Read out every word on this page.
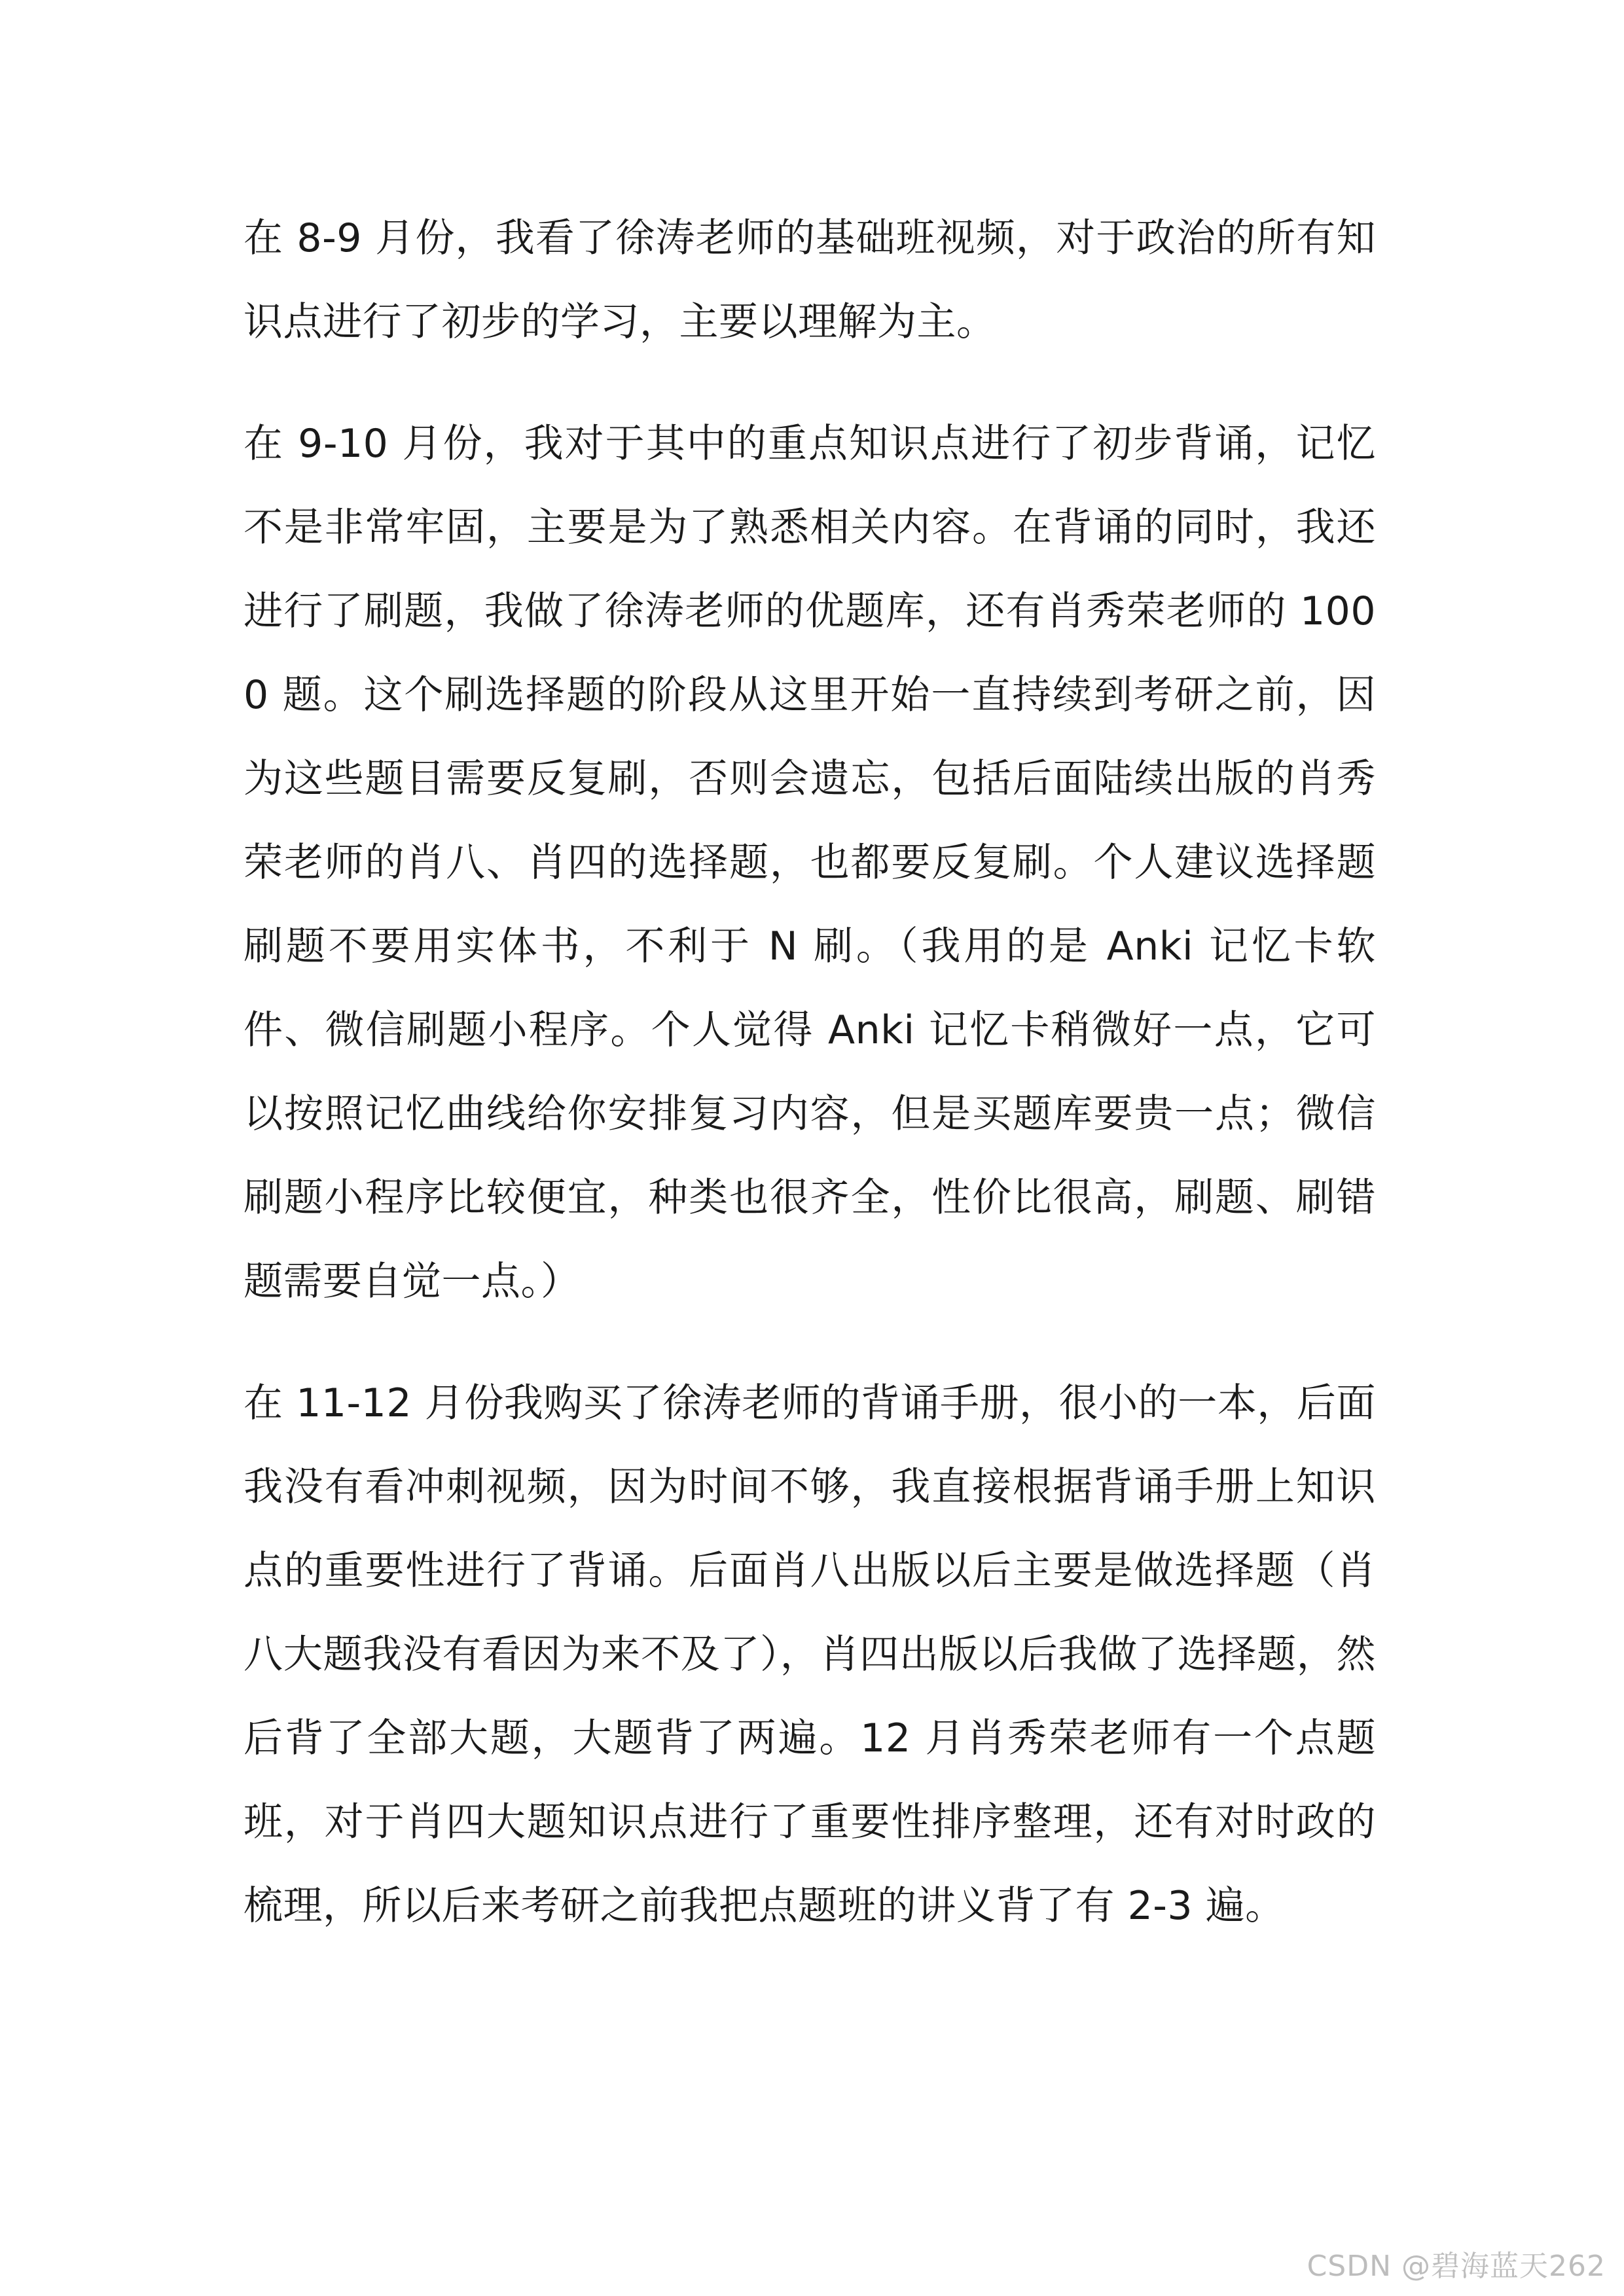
在 8-9 月份，我看了徐涛老师的基础班视频，对于政治的所有知识点进行了初步的学习，主要以理解为主。

在 9-10 月份，我对于其中的重点知识点进行了初步背诵，记忆不是非常牢固，主要是为了熟悉相关内容。在背诵的同时，我还进行了刷题，我做了徐涛老师的优题库，还有肖秀荣老师的 1000 题。这个刷选择题的阶段从这里开始一直持续到考研之前，因为这些题目需要反复刷，否则会遗忘，包括后面陆续出版的肖秀荣老师的肖八、肖四的选择题，也都要反复刷。个人建议选择题刷题不要用实体书，不利于 N 刷。（我用的是 Anki 记忆卡软件、微信刷题小程序。个人觉得 Anki 记忆卡稍微好一点，它可以按照记忆曲线给你安排复习内容，但是买题库要贵一点；微信刷题小程序比较便宜，种类也很齐全，性价比很高，刷题、刷错题需要自觉一点。）

在 11-12 月份我购买了徐涛老师的背诵手册，很小的一本，后面我没有看冲刺视频，因为时间不够，我直接根据背诵手册上知识点的重要性进行了背诵。后面肖八出版以后主要是做选择题（肖八大题我没有看因为来不及了），肖四出版以后我做了选择题，然后背了全部大题，大题背了两遍。12 月肖秀荣老师有一个点题班，对于肖四大题知识点进行了重要性排序整理，还有对时政的梳理，所以后来考研之前我把点题班的讲义背了有 2-3 遍。

CSDN @碧海蓝天262
